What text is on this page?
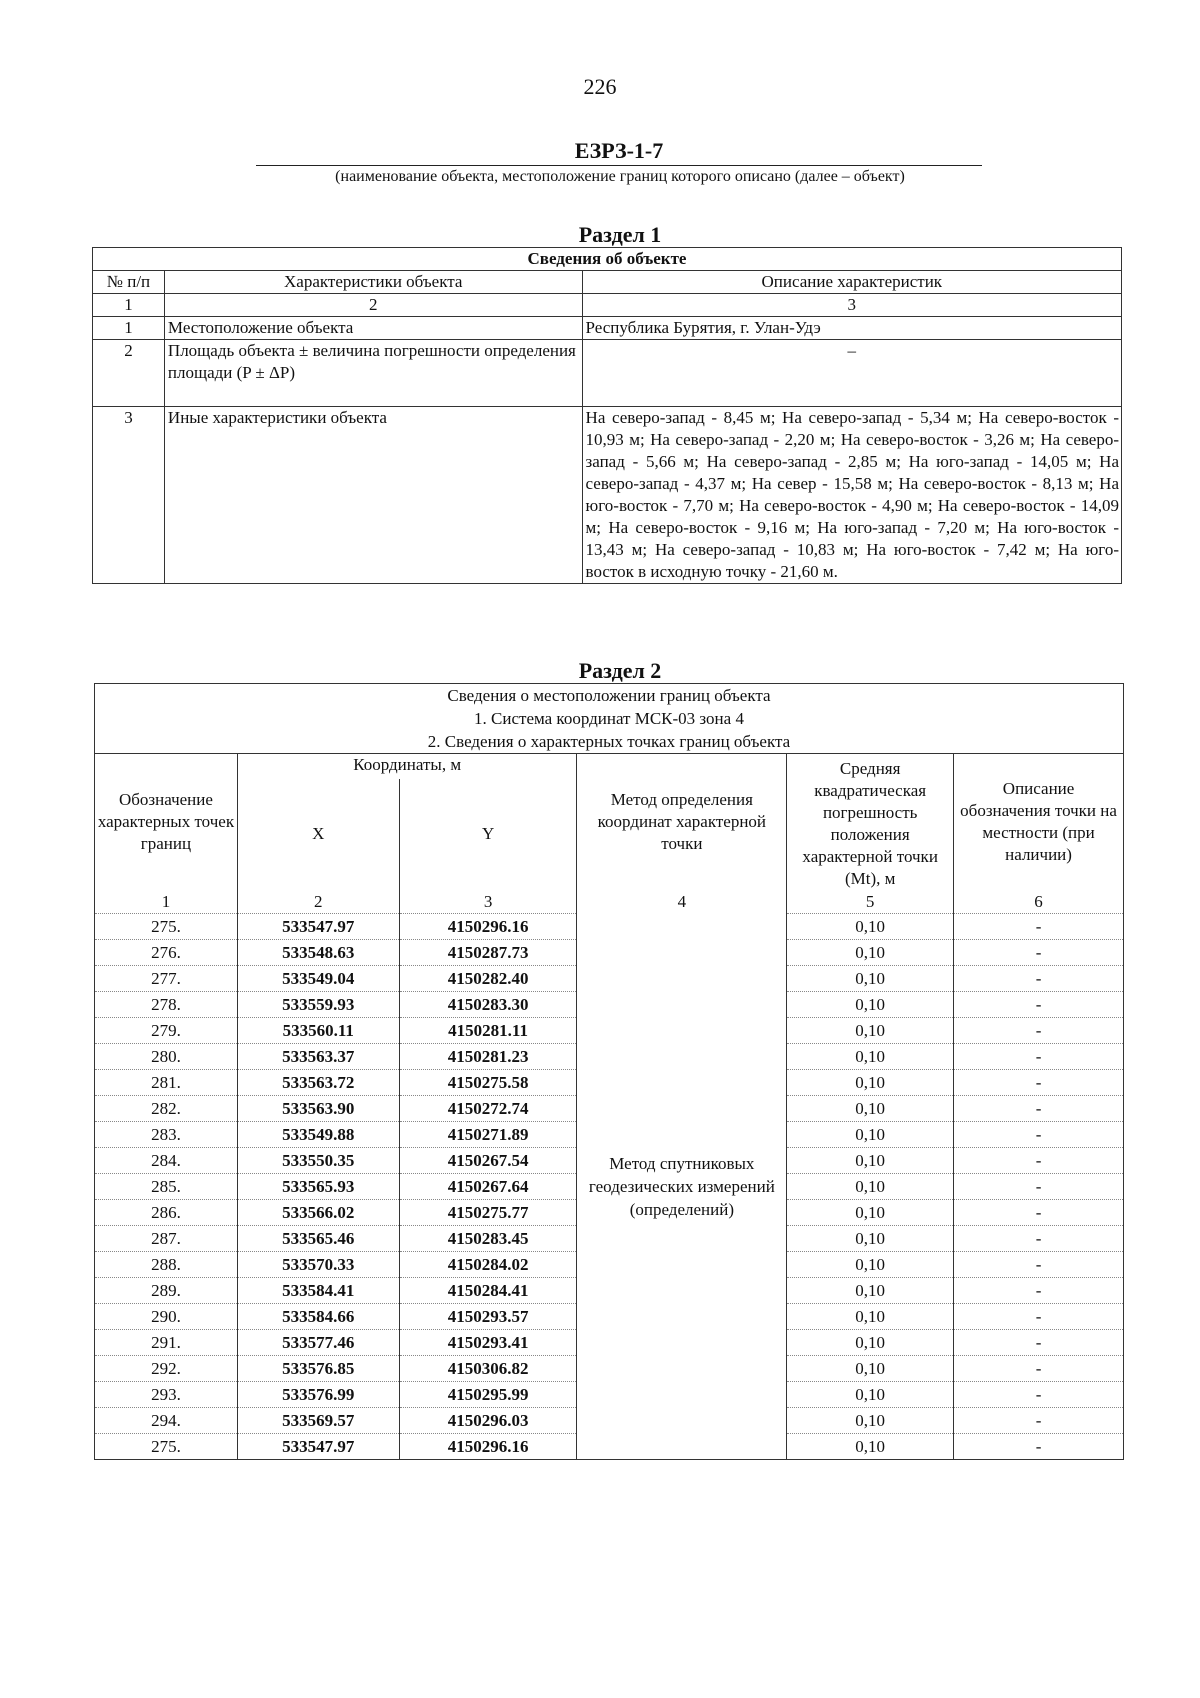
226
ЕЗРЗ-1-7
(наименование объекта, местоположение границ которого описано (далее – объект)
Раздел 1
Сведения об объекте		
№ п/п	Характеристики объекта	Описание характеристик
1	2	3
1	Местоположение объекта	Республика Бурятия, г. Улан-Удэ
2	Площадь объекта ± величина погрешности определения площади (P ± ΔP)	–
3	Иные характеристики объекта	На северо-запад - 8,45 м; На северо-запад - 5,34 м; На северо-восток - 10,93 м; На северо-запад - 2,20 м; На северо-восток - 3,26 м; На северо-запад - 5,66 м; На северо-запад - 2,85 м; На юго-запад - 14,05 м; На северо-запад - 4,37 м; На север - 15,58 м; На северо-восток - 8,13 м; На юго-восток - 7,70 м; На северо-восток - 4,90 м; На северо-восток - 14,09 м; На северо-восток - 9,16 м; На юго-запад - 7,20 м; На юго-восток - 13,43 м; На северо-запад - 10,83 м; На юго-восток - 7,42 м; На юго-восток в исходную точку - 21,60 м.
Раздел 2
Сведения о местоположении границ объекта					
1. Система координат МСК-03 зона 4					
2. Сведения о характерных точках границ объекта					
Обозначение характерных точек границ	Координаты, м		Метод определения координат характерной точки	Средняя квадратическая погрешность положения характерной точки (Mt), м	Описание обозначения точки на местности (при наличии)
	X	Y			
1	2	3	4	5	6
275.	533547.97	4150296.16	Метод спутниковых геодезических измерений (определений)	0,10	-
276.	533548.63	4150287.73		0,10	-
277.	533549.04	4150282.40		0,10	-
278.	533559.93	4150283.30		0,10	-
279.	533560.11	4150281.11		0,10	-
280.	533563.37	4150281.23		0,10	-
281.	533563.72	4150275.58		0,10	-
282.	533563.90	4150272.74		0,10	-
283.	533549.88	4150271.89		0,10	-
284.	533550.35	4150267.54		0,10	-
285.	533565.93	4150267.64		0,10	-
286.	533566.02	4150275.77		0,10	-
287.	533565.46	4150283.45		0,10	-
288.	533570.33	4150284.02		0,10	-
289.	533584.41	4150284.41		0,10	-
290.	533584.66	4150293.57		0,10	-
291.	533577.46	4150293.41		0,10	-
292.	533576.85	4150306.82		0,10	-
293.	533576.99	4150295.99		0,10	-
294.	533569.57	4150296.03		0,10	-
275.	533547.97	4150296.16		0,10	-
